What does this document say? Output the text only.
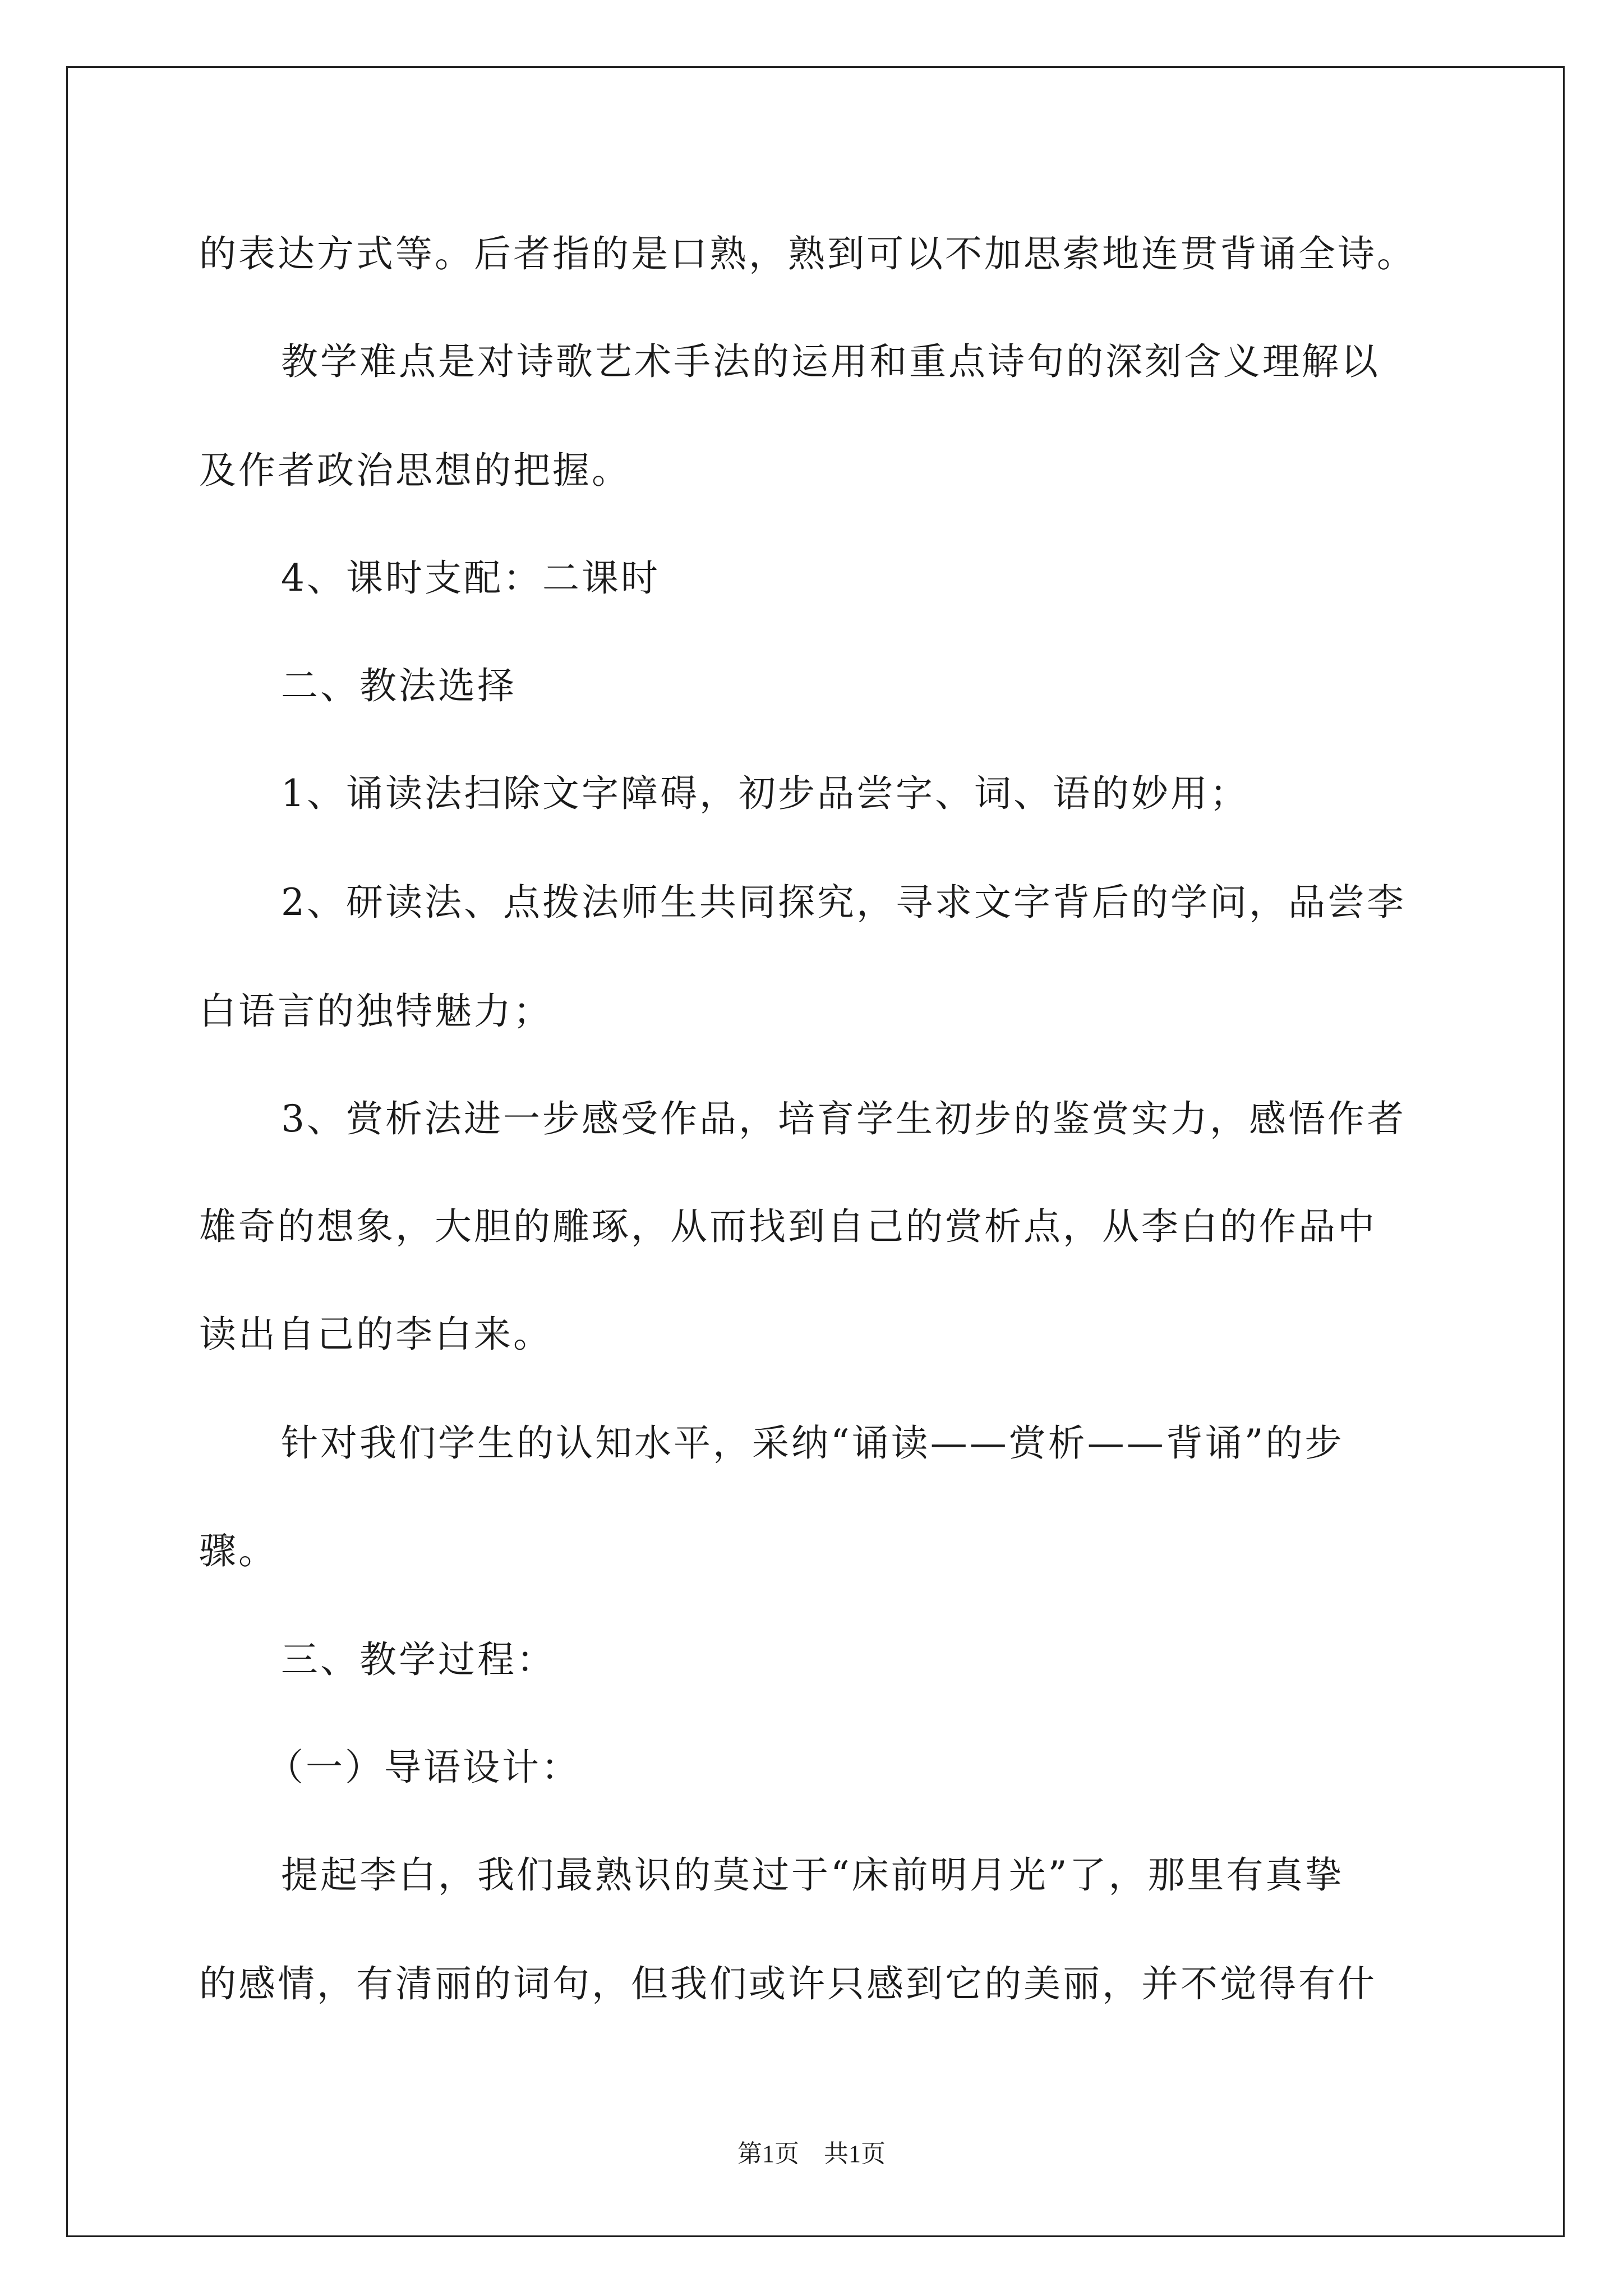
的表达方式等。后者指的是口熟，熟到可以不加思索地连贯背诵全诗。
教学难点是对诗歌艺术手法的运用和重点诗句的深刻含义理解以
及作者政治思想的把握。
4、课时支配：二课时
二、教法选择
1、诵读法扫除文字障碍，初步品尝字、词、语的妙用；
2、研读法、点拨法师生共同探究，寻求文字背后的学问，品尝李
白语言的独特魅力；
3、赏析法进一步感受作品，培育学生初步的鉴赏实力，感悟作者
雄奇的想象，大胆的雕琢，从而找到自己的赏析点，从李白的作品中
读出自己的李白来。
针对我们学生的认知水平，采纳“诵读——赏析——背诵”的步
骤。
三、教学过程：
（一）导语设计：
提起李白，我们最熟识的莫过于“床前明月光”了，那里有真挚
的感情，有清丽的词句，但我们或许只感到它的美丽，并不觉得有什
第1页　共1页
